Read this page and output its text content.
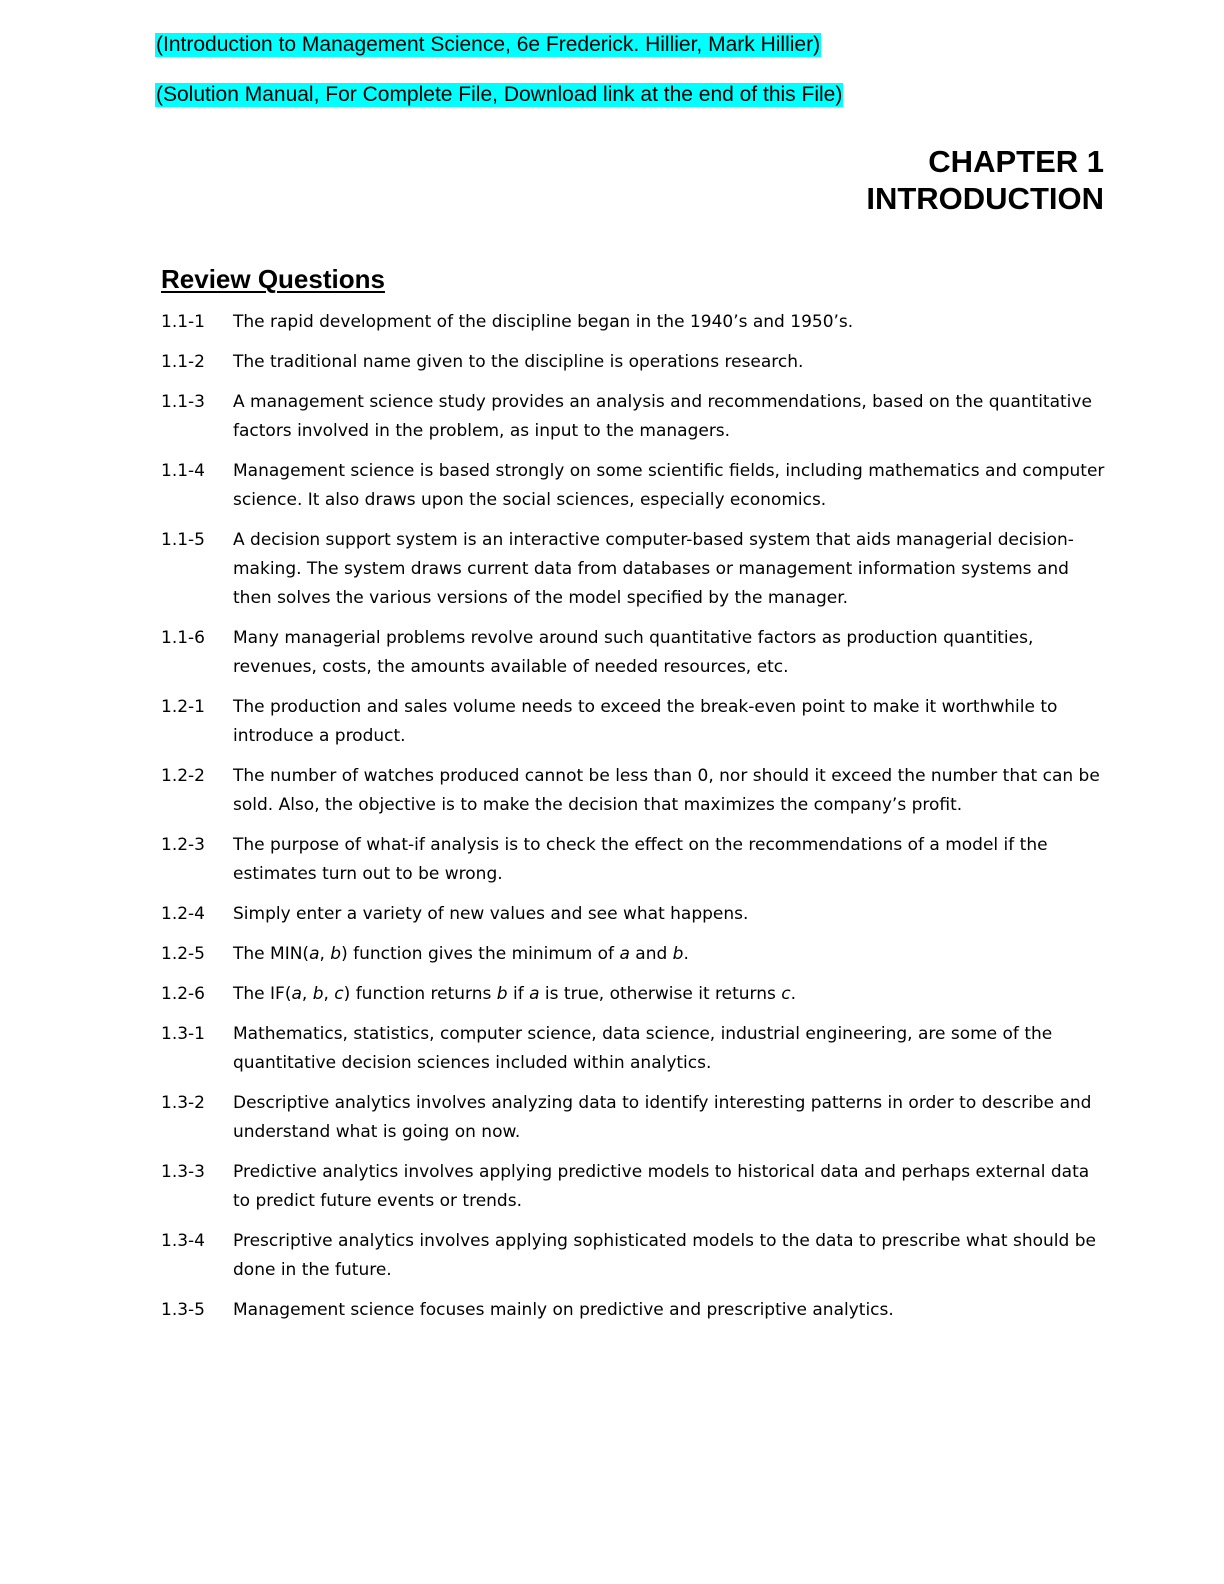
(Introduction to Management Science, 6e Frederick. Hillier, Mark Hillier)
(Solution Manual, For Complete File, Download link at the end of this File)
CHAPTER 1
INTRODUCTION
Review Questions
1.1-1	The rapid development of the discipline began in the 1940’s and 1950’s.
1.1-2	The traditional name given to the discipline is operations research.
1.1-3	A management science study provides an analysis and recommendations, based on the quantitative factors involved in the problem, as input to the managers.
1.1-4	Management science is based strongly on some scientific fields, including mathematics and computer science. It also draws upon the social sciences, especially economics.
1.1-5	A decision support system is an interactive computer-based system that aids managerial decision-making. The system draws current data from databases or management information systems and then solves the various versions of the model specified by the manager.
1.1-6	Many managerial problems revolve around such quantitative factors as production quantities, revenues, costs, the amounts available of needed resources, etc.
1.2-1	The production and sales volume needs to exceed the break-even point to make it worthwhile to introduce a product.
1.2-2	The number of watches produced cannot be less than 0, nor should it exceed the number that can be sold. Also, the objective is to make the decision that maximizes the company’s profit.
1.2-3	The purpose of what-if analysis is to check the effect on the recommendations of a model if the estimates turn out to be wrong.
1.2-4	Simply enter a variety of new values and see what happens.
1.2-5	The MIN(a, b) function gives the minimum of a and b.
1.2-6	The IF(a, b, c) function returns b if a is true, otherwise it returns c.
1.3-1	Mathematics, statistics, computer science, data science, industrial engineering, are some of the quantitative decision sciences included within analytics.
1.3-2	Descriptive analytics involves analyzing data to identify interesting patterns in order to describe and understand what is going on now.
1.3-3	Predictive analytics involves applying predictive models to historical data and perhaps external data to predict future events or trends.
1.3-4	Prescriptive analytics involves applying sophisticated models to the data to prescribe what should be done in the future.
1.3-5	Management science focuses mainly on predictive and prescriptive analytics.
